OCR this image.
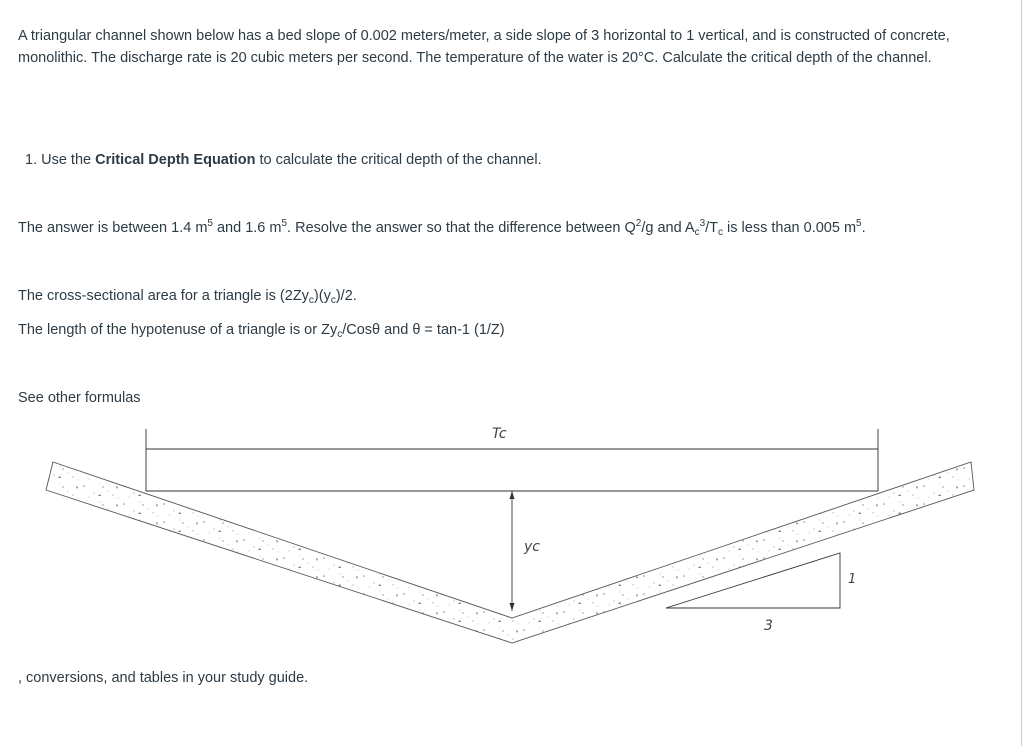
A triangular channel shown below has a bed slope of 0.002 meters/meter, a side slope of 3 horizontal to 1 vertical, and is constructed of concrete, monolithic. The discharge rate is 20 cubic meters per second. The temperature of the water is 20°C. Calculate the critical depth of the channel.

1. Use the Critical Depth Equation to calculate the critical depth of the channel.

The answer is between 1.4 $m^5$ and 1.6 $m^5$. Resolve the answer so that the difference between $Q^2/g$ and $A_c^3/T_c$ is less than 0.005 $m^5$.

The cross-sectional area for a triangle is $(2Zy_c)(y_c)/2$.

The length of the hypotenuse of a triangle is or $Zy_c$/Cosθ and θ = tan-1 (1/Z)

See other formulas

Tc
yc
1
3

, conversions, and tables in your study guide.
